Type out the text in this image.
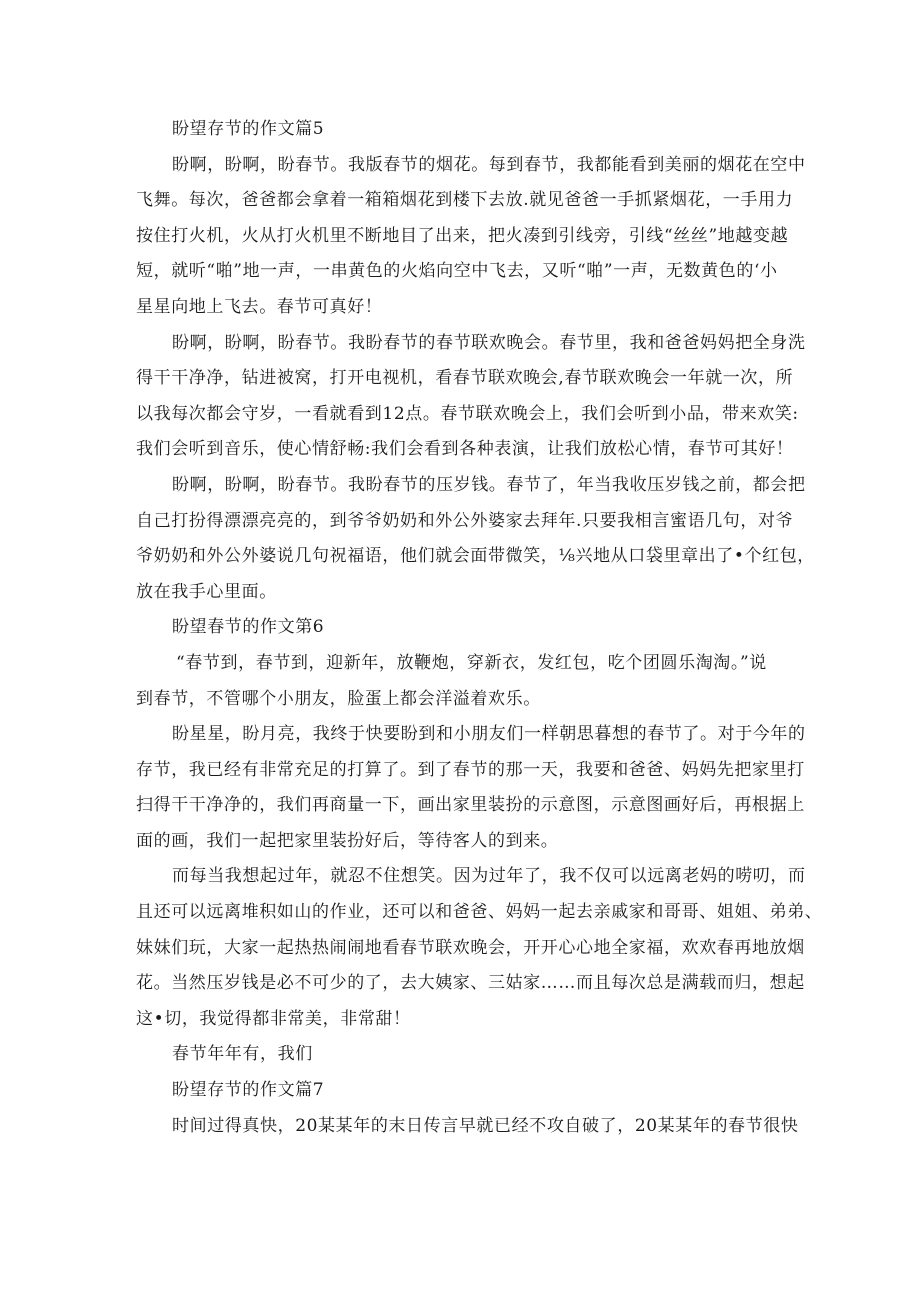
盼望存节的作文篇5
盼啊，盼啊，盼春节。我版春节的烟花。每到春节，我都能看到美丽的烟花在空中
飞舞。每次，爸爸都会拿着一箱箱烟花到楼下去放.就见爸爸一手抓紧烟花，一手用力
按住打火机，火从打火机里不断地目了出来，把火凑到引线旁，引线“丝丝”地越变越
短，就听“啪”地一声，一串黄色的火焰向空中飞去，又听“啪”一声，无数黄色的‘小
星星向地上飞去。春节可真好！
盼啊，盼啊，盼春节。我盼春节的春节联欢晚会。春节里，我和爸爸妈妈把全身洗
得干干净净，钻进被窝，打开电视机，看春节联欢晚会,春节联欢晚会一年就一次，所
以我每次都会守岁，一看就看到12点。春节联欢晚会上，我们会听到小品，带来欢笑:
我们会听到音乐，使心情舒畅:我们会看到各种表演，让我们放松心情，春节可其好！
盼啊，盼啊，盼春节。我盼春节的压岁钱。春节了，年当我收压岁钱之前，都会把
自己打扮得漂漂亮亮的，到爷爷奶奶和外公外婆家去拜年.只要我相言蜜语几句，对爷
爷奶奶和外公外婆说几句祝福语，他们就会面带微笑，⅛兴地从口袋里章出了•个红包，
放在我手心里面。
盼望春节的作文第6
“春节到，春节到，迎新年，放鞭炮，穿新衣，发红包，吃个团圆乐淘淘。”说
到春节，不管哪个小朋友，脸蛋上都会洋溢着欢乐。
盼星星，盼月亮，我终于快要盼到和小朋友们一样朝思暮想的春节了。对于今年的
存节，我已经有非常充足的打算了。到了春节的那一天，我要和爸爸、妈妈先把家里打
扫得干干净净的，我们再商量一下，画出家里装扮的示意图，示意图画好后，再根据上
面的画，我们一起把家里装扮好后，等待客人的到来。
而每当我想起过年，就忍不住想笑。因为过年了，我不仅可以远离老妈的唠叨，而
且还可以远离堆积如山的作业，还可以和爸爸、妈妈一起去亲戚家和哥哥、姐姐、弟弟、
妹妹们玩，大家一起热热闹闹地看春节联欢晚会，开开心心地全家福，欢欢春再地放烟
花。当然压岁钱是必不可少的了，去大姨家、三姑家……而且每次总是满载而归，想起
这•切，我觉得都非常美，非常甜！
春节年年有，我们
盼望存节的作文篇7
时间过得真快，20某某年的末日传言早就已经不攻自破了，20某某年的春节很快
